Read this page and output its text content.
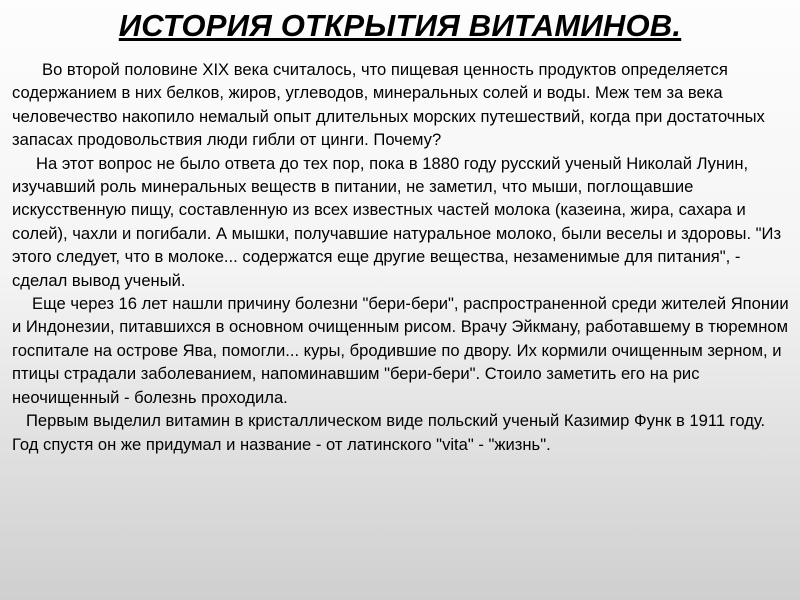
ИСТОРИЯ ОТКРЫТИЯ ВИТАМИНОВ.

Во второй половине XIX века считалось, что пищевая ценность продуктов определяется содержанием в них белков, жиров, углеводов, минеральных солей и воды. Меж тем за века человечество накопило немалый опыт длительных морских путешествий, когда при достаточных запасах продовольствия люди гибли от цинги. Почему?

На этот вопрос не было ответа до тех пор, пока в 1880 году русский ученый Николай Лунин, изучавший роль минеральных веществ в питании, не заметил, что мыши, поглощавшие искусственную пищу, составленную из всех известных частей молока (казеина, жира, сахара и солей), чахли и погибали. А мышки, получавшие натуральное молоко, были веселы и здоровы. "Из этого следует, что в молоке... содержатся еще другие вещества, незаменимые для питания", - сделал вывод ученый.

Еще через 16 лет нашли причину болезни "бери-бери", распространенной среди жителей Японии и Индонезии, питавшихся в основном очищенным рисом. Врачу Эйкману, работавшему в тюремном госпитале на острове Ява, помогли... куры, бродившие по двору. Их кормили очищенным зерном, и птицы страдали заболеванием, напоминавшим "бери-бери". Стоило заметить его на рис неочищенный - болезнь проходила.

Первым выделил витамин в кристаллическом виде польский ученый Казимир Функ в 1911 году. Год спустя он же придумал и название - от латинского "vita" - "жизнь".
